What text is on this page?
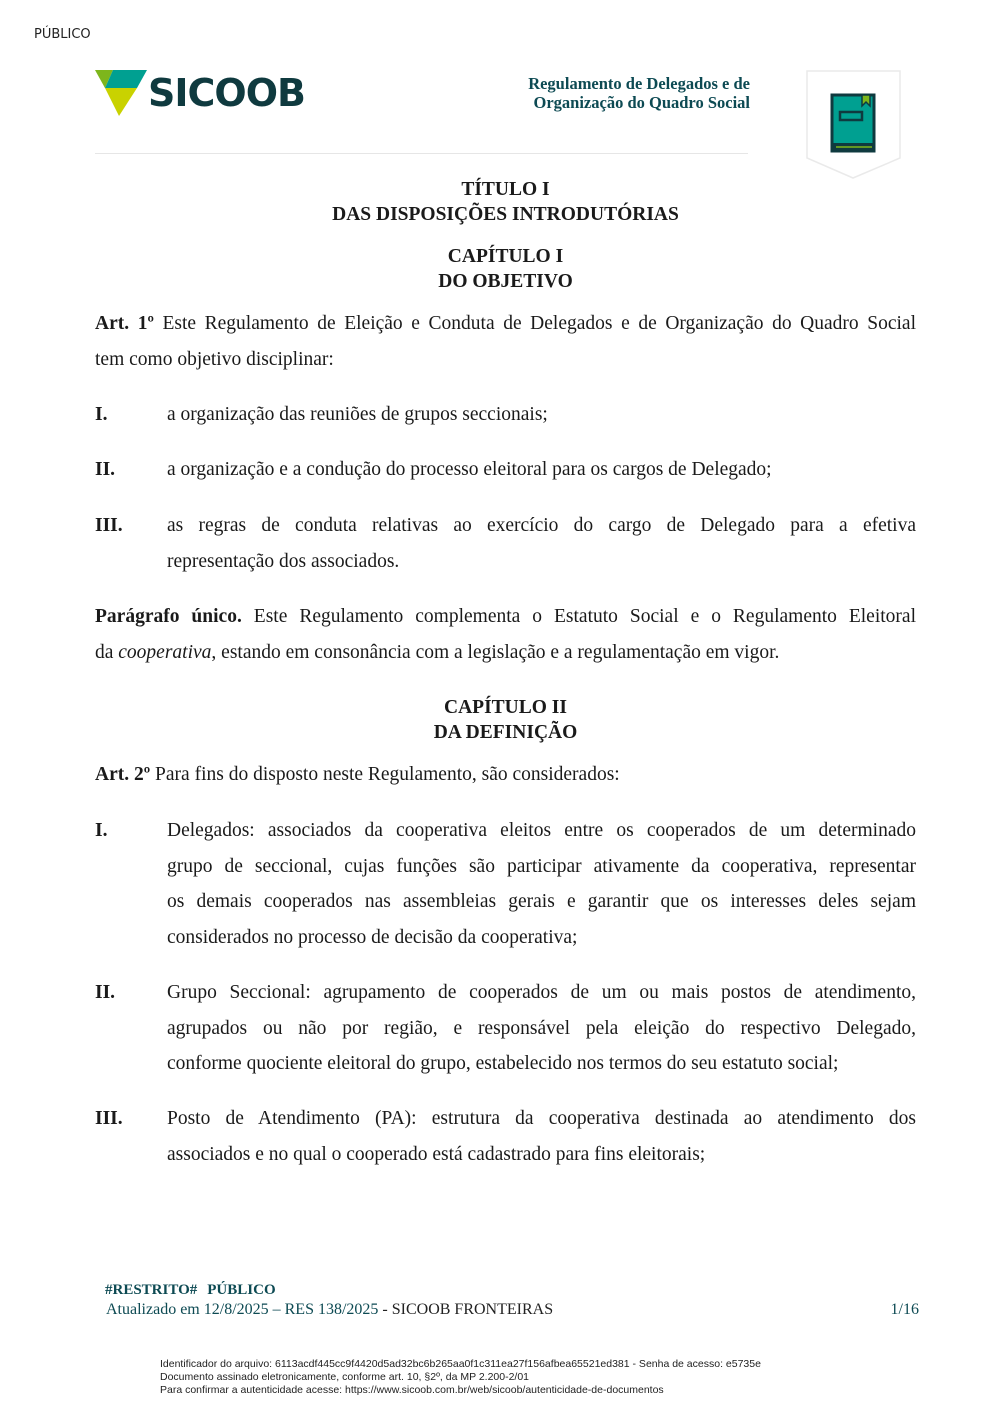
PÚBLICO
SICOOB	Regulamento de Delegados e de
Organização do Quadro Social
TÍTULO I
DAS DISPOSIÇÕES INTRODUTÓRIAS
CAPÍTULO I
DO OBJETIVO
Art. 1º Este Regulamento de Eleição e Conduta de Delegados e de Organização do Quadro Social
tem como objetivo disciplinar:
I.	a organização das reuniões de grupos seccionais;
II.	a organização e a condução do processo eleitoral para os cargos de Delegado;
III. as regras de conduta relativas ao exercício do cargo de Delegado para a efetiva
representação dos associados.
Parágrafo único. Este Regulamento complementa o Estatuto Social e o Regulamento Eleitoral
da cooperativa, estando em consonância com a legislação e a regulamentação em vigor.
CAPÍTULO II
DA DEFINIÇÃO
Art. 2º Para fins do disposto neste Regulamento, são considerados:
I.	Delegados: associados da cooperativa eleitos entre os cooperados de um determinado
grupo de seccional, cujas funções são participar ativamente da cooperativa, representar
os demais cooperados nas assembleias gerais e garantir que os interesses deles sejam
considerados no processo de decisão da cooperativa;
II.	Grupo Seccional: agrupamento de cooperados de um ou mais postos de atendimento,
agrupados ou não por região, e responsável pela eleição do respectivo Delegado,
conforme quociente eleitoral do grupo, estabelecido nos termos do seu estatuto social;
III. Posto de Atendimento (PA): estrutura da cooperativa destinada ao atendimento dos
associados e no qual o cooperado está cadastrado para fins eleitorais;
#RESTRITO# PÚBLICO
Atualizado em 12/8/2025 – RES 138/2025 - SICOOB FRONTEIRAS	1/16
Identificador do arquivo: 6113acdf445cc9f4420d5ad32bc6b265aa0f1c311ea27f156afbea65521ed381 - Senha de acesso: e5735e
Documento assinado eletronicamente, conforme art. 10, §2º, da MP 2.200-2/01
Para confirmar a autenticidade acesse: https://www.sicoob.com.br/web/sicoob/autenticidade-de-documentos
